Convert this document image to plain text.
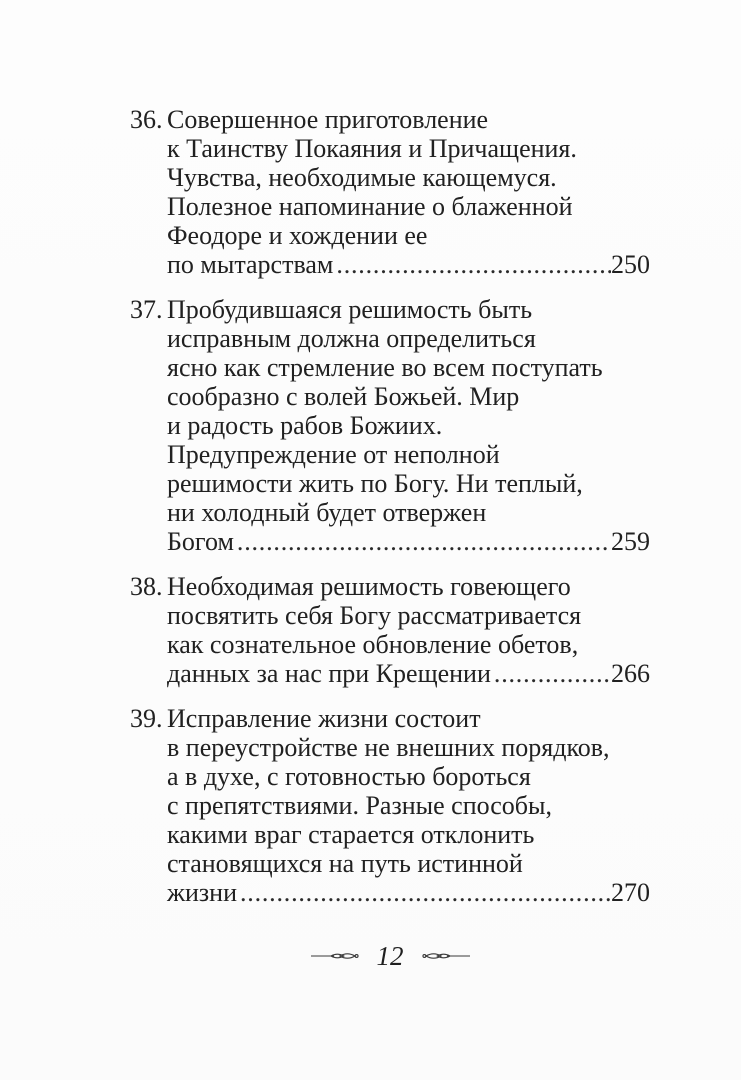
36. Совершенное приготовление
к Таинству Покаяния и Причащения.
Чувства, необходимые кающемуся.
Полезное напоминание о блаженной
Феодоре и хождении ее
по мытарствам .....	250
37. Пробудившаяся решимость быть
исправным должна определиться
ясно как стремление во всем поступать
сообразно с волей Божьей. Мир
и радость рабов Божиих.
Предупреждение от неполной
решимости жить по Богу. Ни теплый,
ни холодный будет отвержен
Богом .....	259
38. Необходимая решимость говеющего
посвятить себя Богу рассматривается
как сознательное обновление обетов,
данных за нас при Крещении .....	266
39. Исправление жизни состоит
в переустройстве не внешних порядков,
а в духе, с готовностью бороться
с препятствиями. Разные способы,
какими враг старается отклонить
становящихся на путь истинной
жизни .....	270
12
